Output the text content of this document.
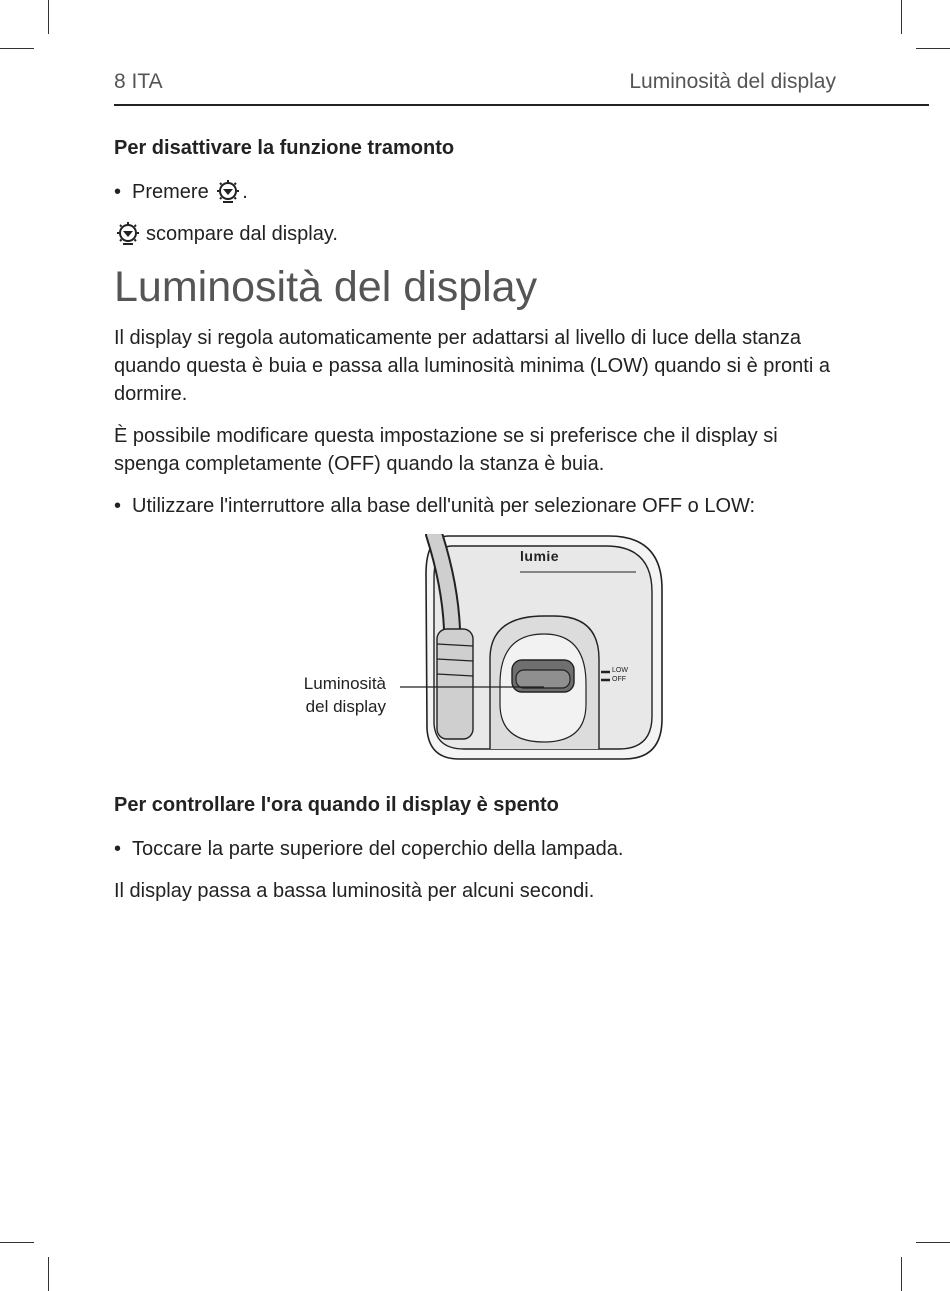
8 ITA	Luminosità del display
Per disattivare la funzione tramonto

• Premere .

scompare dal display.

Luminosità del display

Il display si regola automaticamente per adattarsi al livello di luce della stanza quando questa è buia e passa alla luminosità minima (LOW) quando si è pronti a dormire.

È possibile modificare questa impostazione se si preferisce che il display si spenga completamente (OFF) quando la stanza è buia.

• Utilizzare l'interruttore alla base dell'unità per selezionare OFF o LOW:

lumie
LOW
OFF
Luminosità
del display
Per controllare l'ora quando il display è spento

• Toccare la parte superiore del coperchio della lampada.

Il display passa a bassa luminosità per alcuni secondi.
